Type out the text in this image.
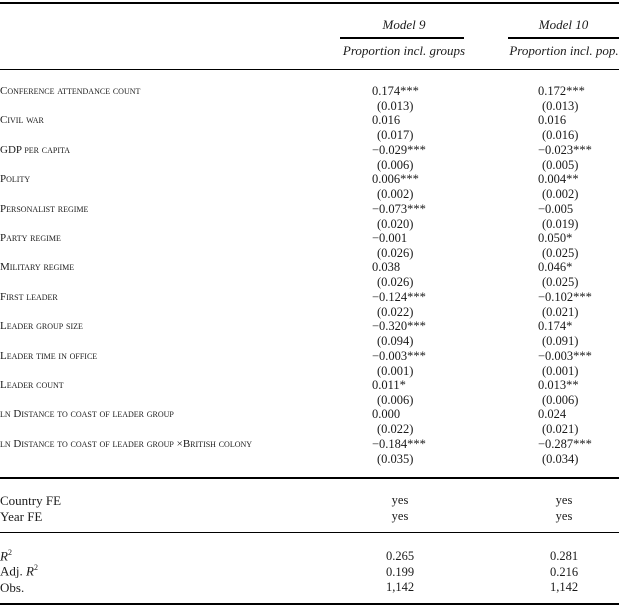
Model 9
Proportion incl. groups
Model 10
Proportion incl. pop.
Conference attendance count	0.174***	0.172***
(0.013)	(0.013)
Civil war	0.016	0.016
(0.017)	(0.016)
GDP per capita	−0.029***	−0.023***
(0.006)	(0.005)
Polity	0.006***	0.004**
(0.002)	(0.002)
Personalist regime	−0.073***	−0.005
(0.020)	(0.019)
Party regime	−0.001	0.050*
(0.026)	(0.025)
Military regime	0.038	0.046*
(0.026)	(0.025)
First leader	−0.124***	−0.102***
(0.022)	(0.021)
Leader group size	−0.320***	0.174*
(0.094)	(0.091)
Leader time in office	−0.003***	−0.003***
(0.001)	(0.001)
Leader count	0.011*	0.013**
(0.006)	(0.006)
ln Distance to coast of leader group	0.000	0.024
(0.022)	(0.021)
ln Distance to coast of leader group ×British colony	−0.184***	−0.287***
(0.035)	(0.034)
Country FE	yes	yes
Year FE	yes	yes
$R^2$	0.265	0.281
Adj. $R^2$	0.199	0.216
Obs.	1,142	1,142
